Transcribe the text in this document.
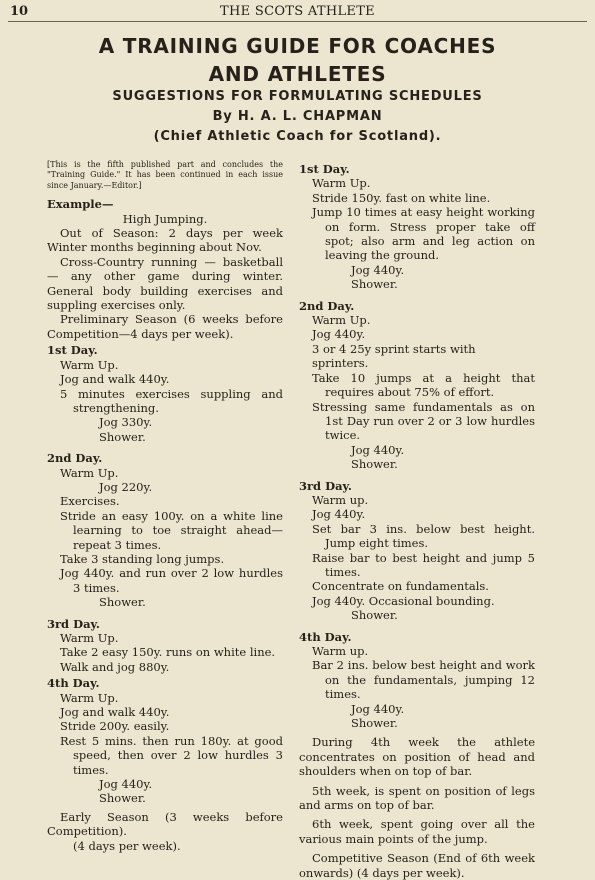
10	THE SCOTS ATHLETE
A TRAINING GUIDE FOR COACHES
AND ATHLETES
SUGGESTIONS FOR FORMULATING SCHEDULES
By H. A. L. CHAPMAN
(Chief Athletic Coach for Scotland).

[This is the fifth published part and concludes the "Training Guide." It has been continued in each issue since January.—Editor.]

Example—

High Jumping.

Out of Season: 2 days per week Winter months beginning about Nov.

Cross-Country running — basketball — any other game during winter. General body building exercises and suppling exercises only.

Preliminary Season (6 weeks before Competition—4 days per week).

1st Day.

Warm Up.

Jog and walk 440y.

5 minutes exercises suppling and strengthening.

Jog 330y.

Shower.

2nd Day.

Warm Up.

Jog 220y.

Exercises.

Stride an easy 100y. on a white line learning to toe straight ahead—repeat 3 times.

Take 3 standing long jumps.

Jog 440y. and run over 2 low hurdles 3 times.

Shower.

3rd Day.

Warm Up.

Take 2 easy 150y. runs on white line.

Walk and jog 880y.

4th Day.

Warm Up.

Jog and walk 440y.

Stride 200y. easily.

Rest 5 mins. then run 180y. at good speed, then over 2 low hurdles 3 times.

Jog 440y.

Shower.

Early Season (3 weeks before Competition).

(4 days per week).

1st Day.

Warm Up.

Stride 150y. fast on white line.

Jump 10 times at easy height working on form. Stress proper take off spot; also arm and leg action on leaving the ground.

Jog 440y.

Shower.

2nd Day.

Warm Up.

Jog 440y.

3 or 4 25y sprint starts with sprinters.

Take 10 jumps at a height that requires about 75% of effort.

Stressing same fundamentals as on 1st Day run over 2 or 3 low hurdles twice.

Jog 440y.

Shower.

3rd Day.

Warm up.

Jog 440y.

Set bar 3 ins. below best height. Jump eight times.

Raise bar to best height and jump 5 times.

Concentrate on fundamentals.

Jog 440y. Occasional bounding.

Shower.

4th Day.

Warm up.

Bar 2 ins. below best height and work on the fundamentals, jumping 12 times.

Jog 440y.

Shower.

During 4th week the athlete concentrates on position of head and shoulders when on top of bar.

5th week, is spent on position of legs and arms on top of bar.

6th week, spent going over all the various main points of the jump.

Competitive Season (End of 6th week onwards) (4 days per week).
